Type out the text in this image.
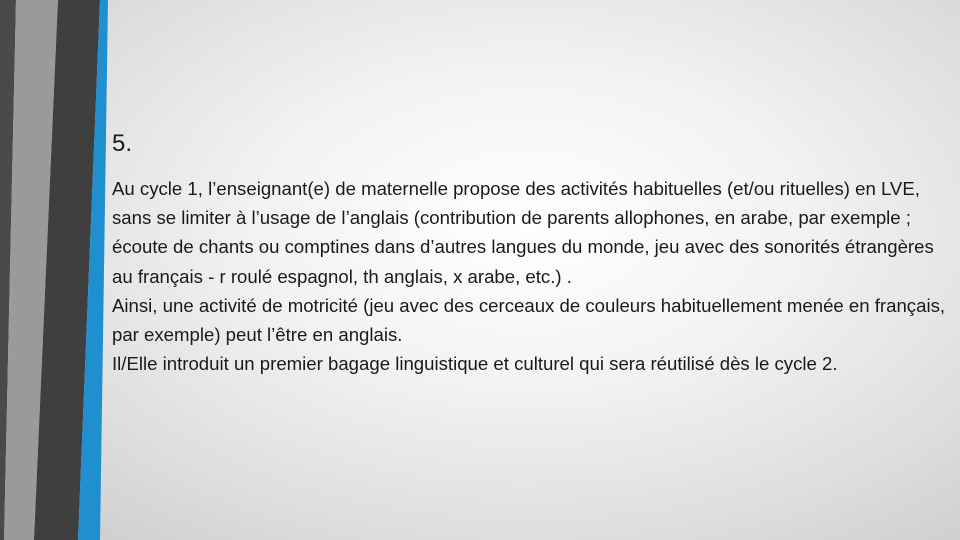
5.

Au cycle 1, l’enseignant(e) de maternelle propose des activités habituelles (et/ou rituelles) en LVE, sans se limiter à l’usage de l’anglais (contribution de parents allophones, en arabe, par exemple ; écoute de chants ou comptines dans d’autres langues du monde, jeu avec des sonorités étrangères au français - r roulé espagnol, th anglais, x arabe, etc.) .
Ainsi, une activité de motricité (jeu avec des cerceaux de couleurs habituellement menée en français, par exemple) peut l’être en anglais.
Il/Elle introduit un premier bagage linguistique et culturel qui sera réutilisé dès le cycle 2.
